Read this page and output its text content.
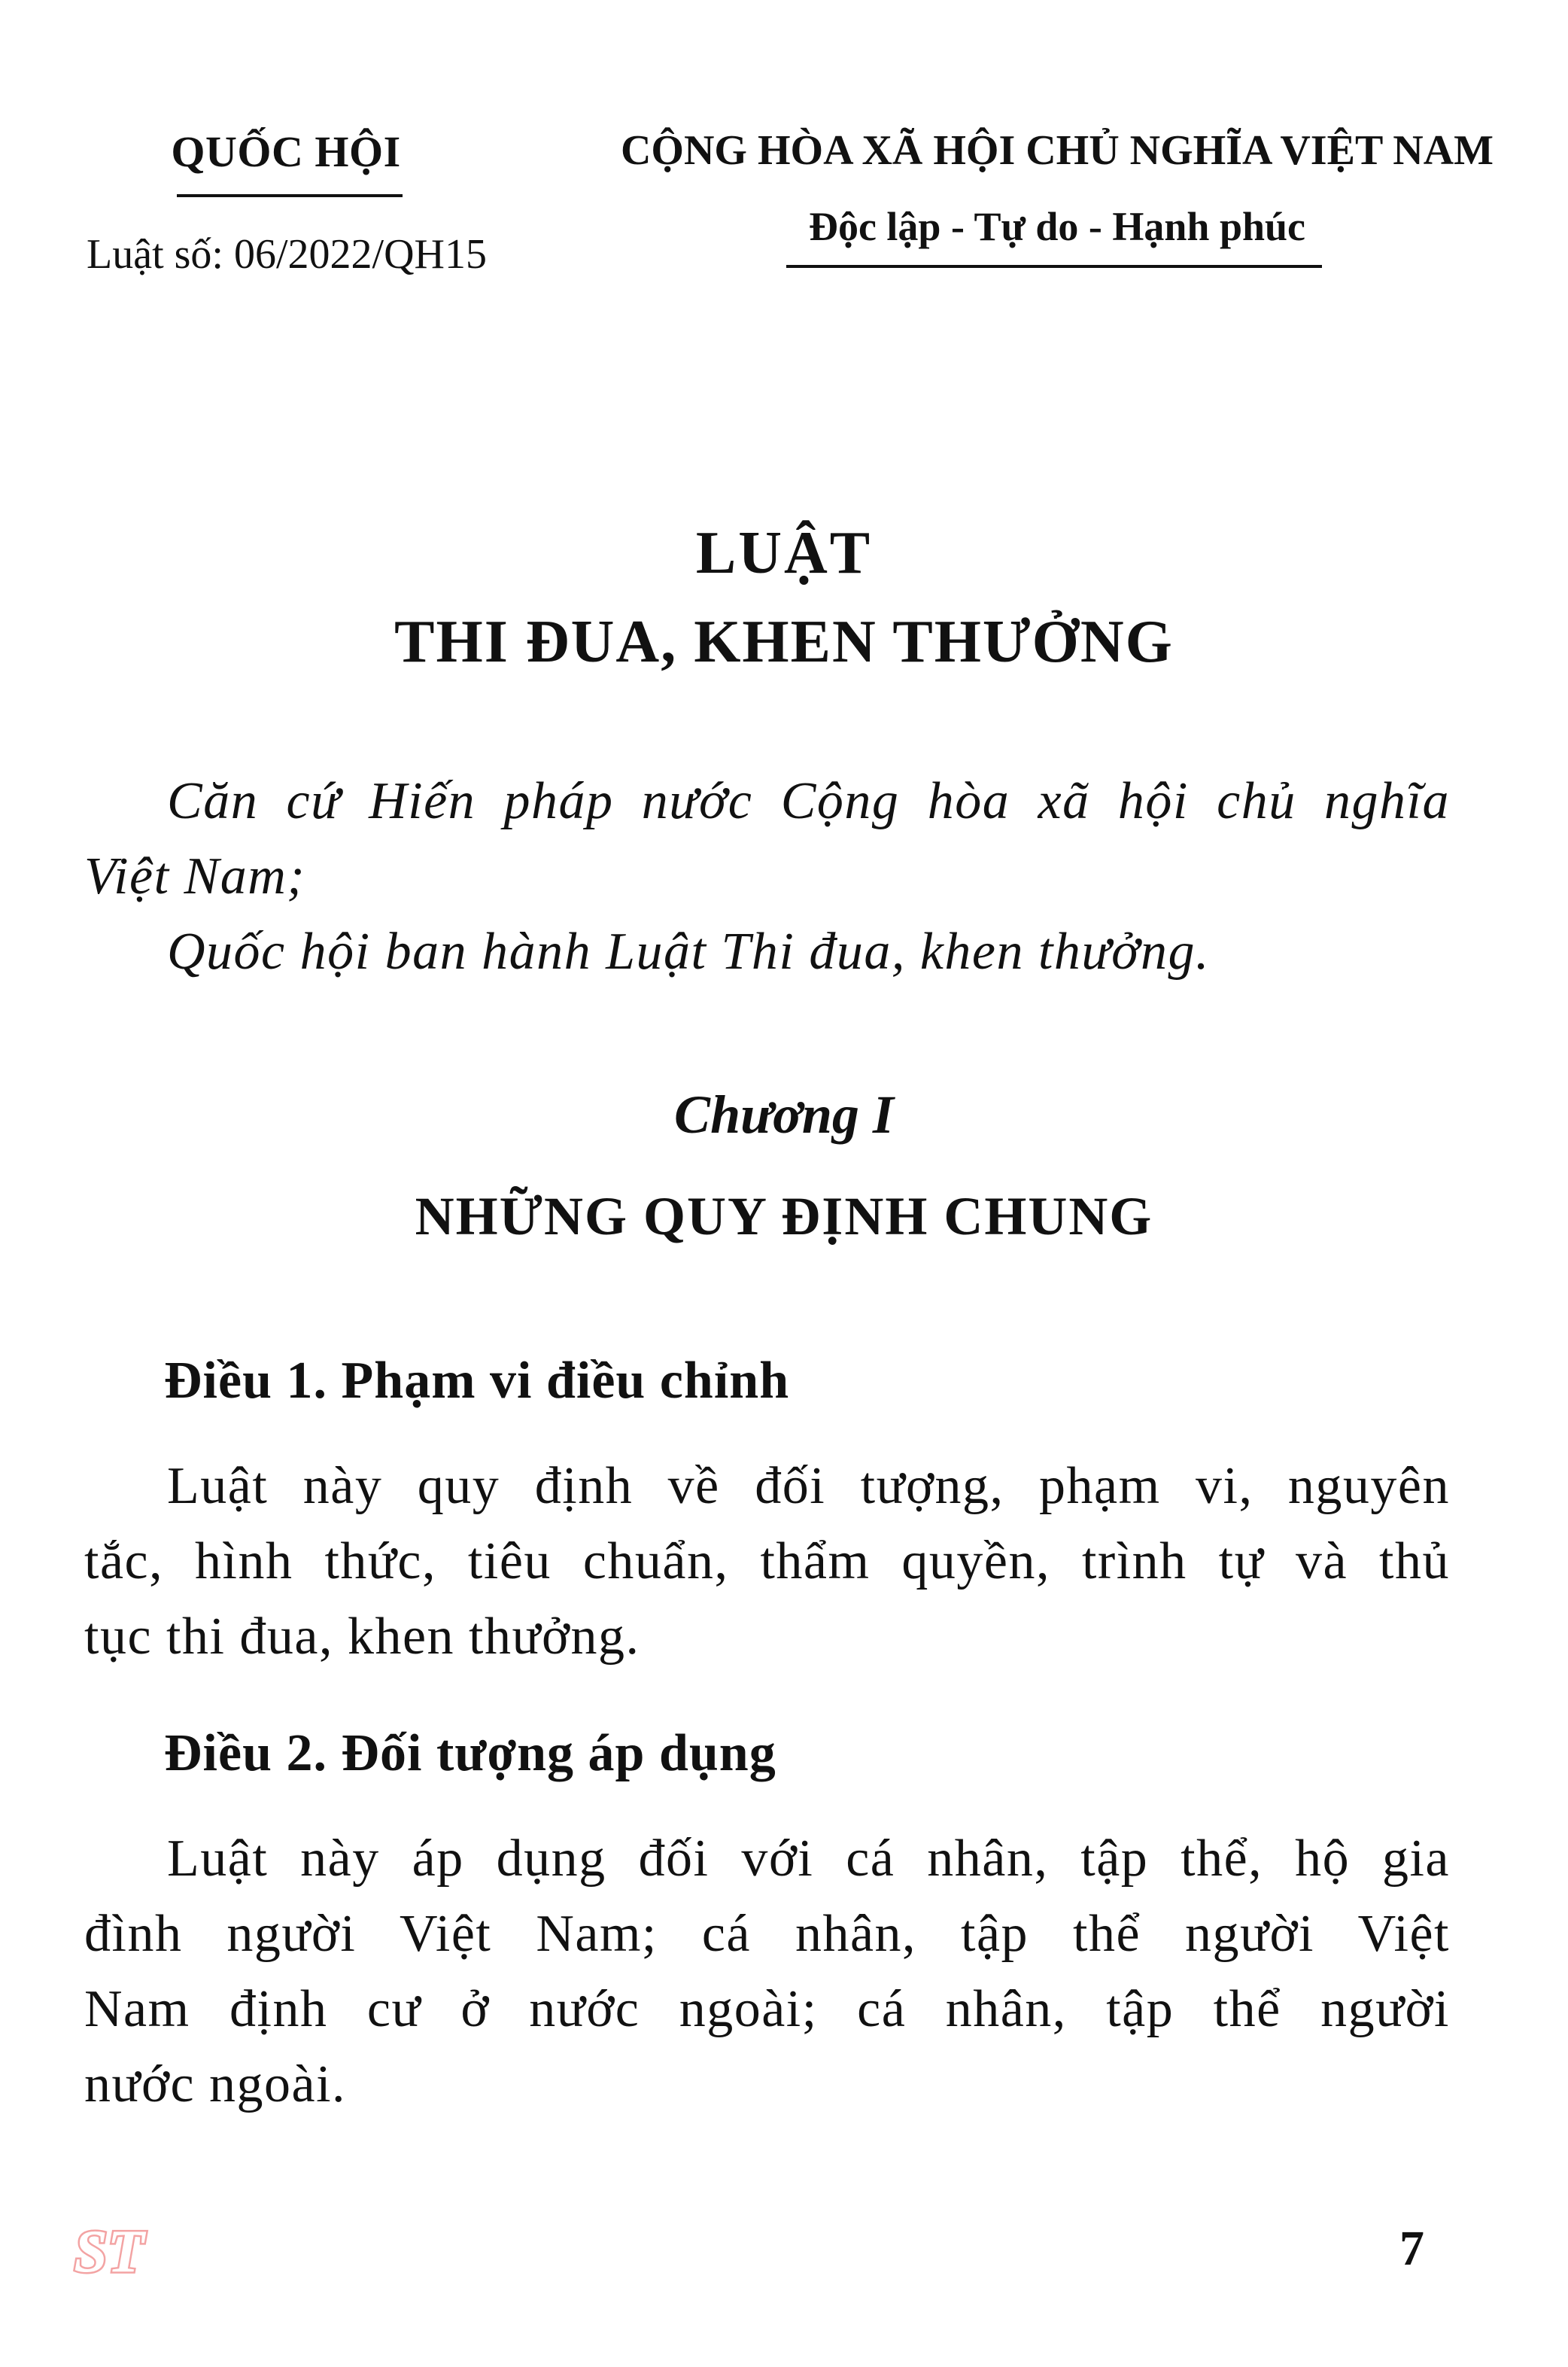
QUỐC HỘI
Luật số: 06/2022/QH15
CỘNG HÒA XÃ HỘI CHỦ NGHĨA VIỆT NAM
Độc lập - Tự do - Hạnh phúc
LUẬT
THI ĐUA, KHEN THƯỞNG
Căn cứ Hiến pháp nước Cộng hòa xã hội chủ nghĩa
Việt Nam;
Quốc hội ban hành Luật Thi đua, khen thưởng.
Chương I
NHỮNG QUY ĐỊNH CHUNG
Điều 1. Phạm vi điều chỉnh
Luật này quy định về đối tượng, phạm vi, nguyên
tắc, hình thức, tiêu chuẩn, thẩm quyền, trình tự và thủ
tục thi đua, khen thưởng.
Điều 2. Đối tượng áp dụng
Luật này áp dụng đối với cá nhân, tập thể, hộ gia
đình người Việt Nam; cá nhân, tập thể người Việt
Nam định cư ở nước ngoài; cá nhân, tập thể người
nước ngoài.
ST	7
